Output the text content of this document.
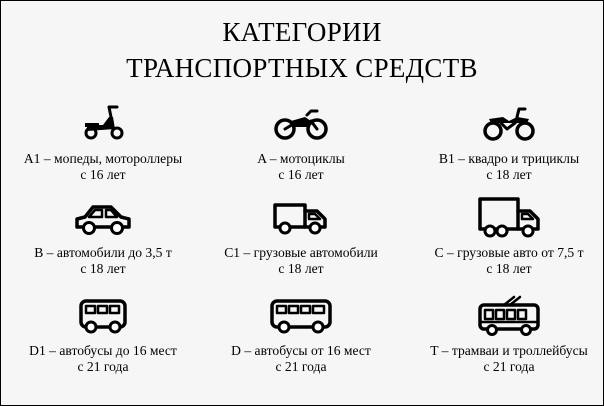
КАТЕГОРИИ
ТРАНСПОРТНЫХ СРЕДСТВ
A1 – мопеды, мотороллеры
с 16 лет
A – мотоциклы
с 16 лет
B1 – квадро и трициклы
с 18 лет
B – автомобили до 3,5 т
с 18 лет
C1 – грузовые автомобили
с 18 лет
C – грузовые авто от 7,5 т
с 18 лет
D1 – автобусы до 16 мест
с 21 года
D – автобусы от 16 мест
с 21 года
T – трамваи и троллейбусы
с 21 года
